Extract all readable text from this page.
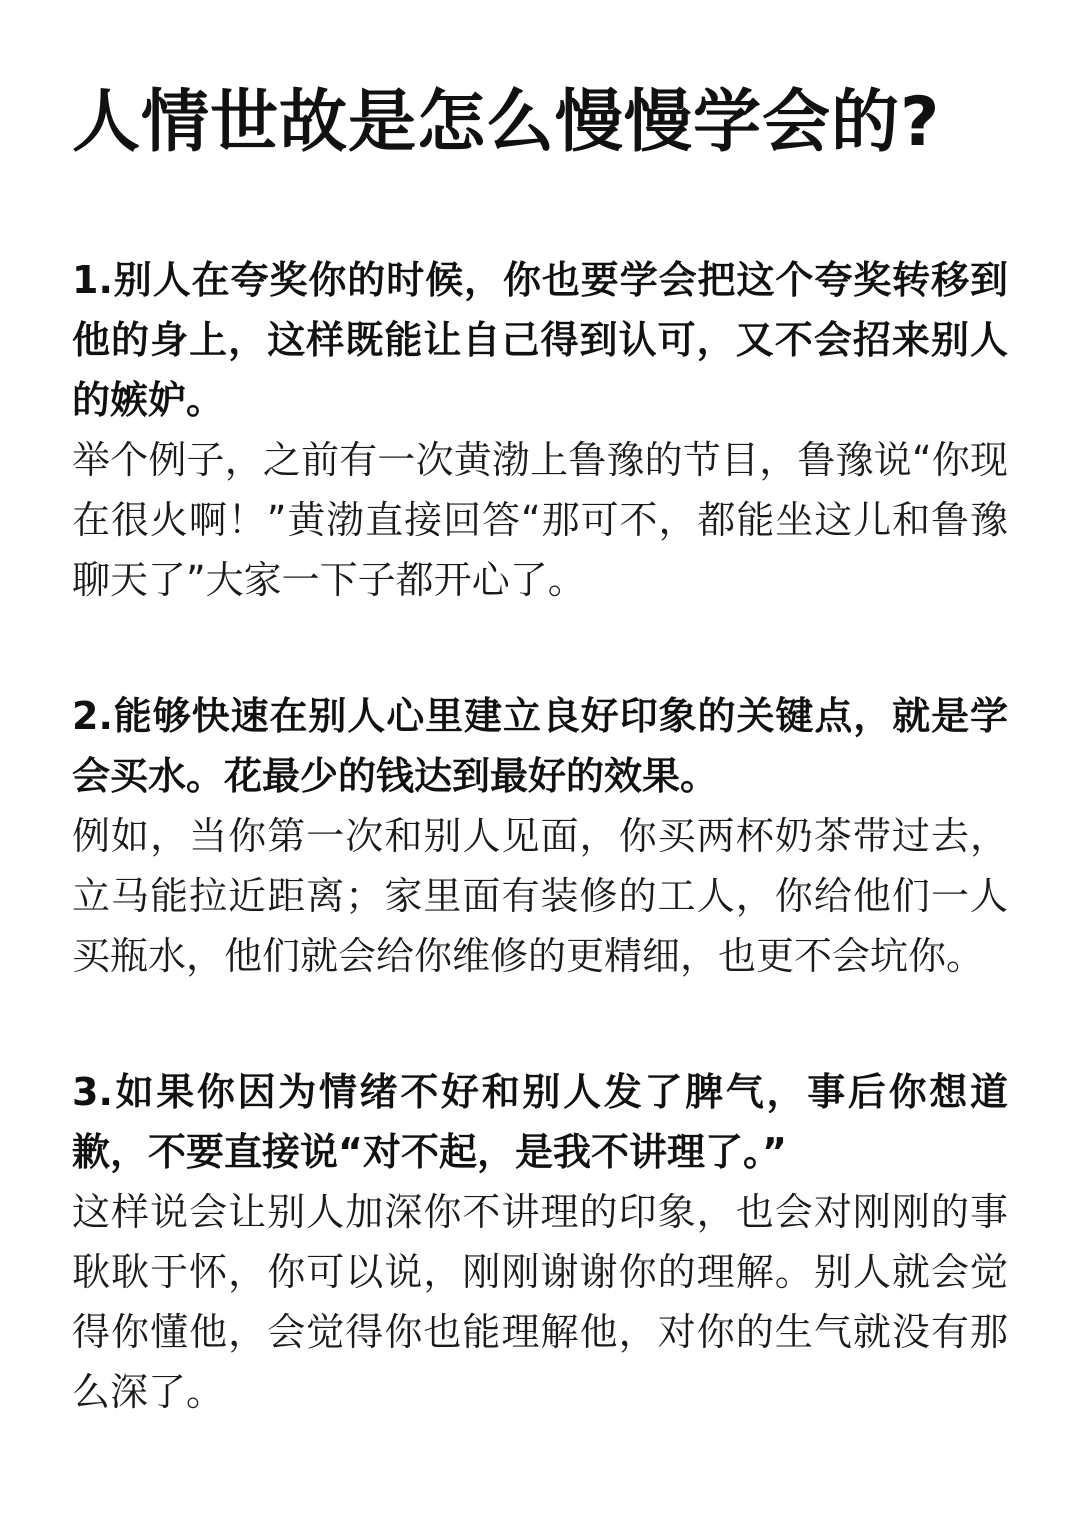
人情世故是怎么慢慢学会的?

1.别人在夸奖你的时候，你也要学会把这个夸奖转移到他的身上，这样既能让自己得到认可，又不会招来别人的嫉妒。

举个例子，之前有一次黄渤上鲁豫的节目，鲁豫说“你现在很火啊！”黄渤直接回答“那可不，都能坐这儿和鲁豫聊天了”大家一下子都开心了。

2.能够快速在别人心里建立良好印象的关键点，就是学会买水。花最少的钱达到最好的效果。

例如，当你第一次和别人见面，你买两杯奶茶带过去，立马能拉近距离；家里面有装修的工人，你给他们一人买瓶水，他们就会给你维修的更精细，也更不会坑你。

3.如果你因为情绪不好和别人发了脾气，事后你想道歉，不要直接说“对不起，是我不讲理了。”

这样说会让别人加深你不讲理的印象，也会对刚刚的事耿耿于怀，你可以说，刚刚谢谢你的理解。别人就会觉得你懂他，会觉得你也能理解他，对你的生气就没有那么深了。
